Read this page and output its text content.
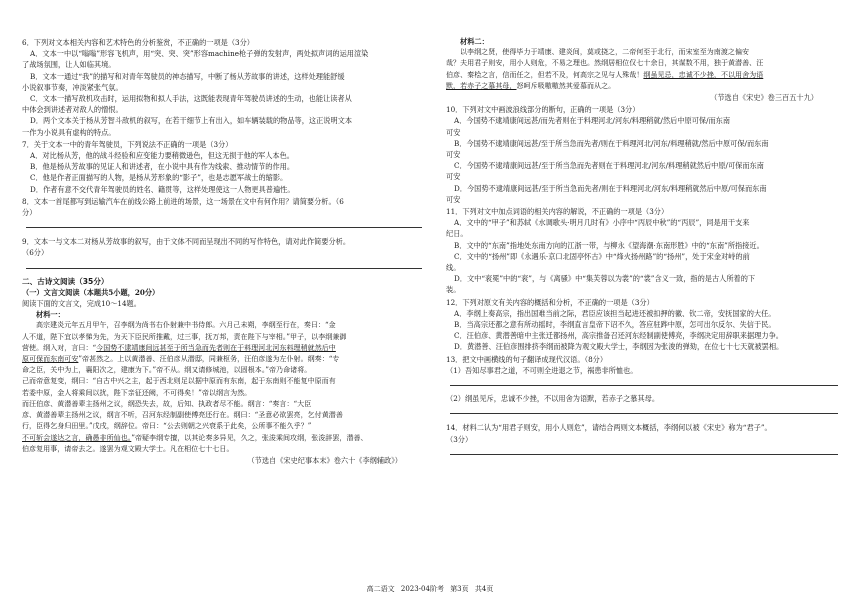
6．下列对文本相关内容和艺术特色的分析鉴赏，不正确的一项是（3分）

A．文本一中以“嗡嗡”形容飞机声，用“突、突、突”形容machine枪子弹的发射声，两处拟声词的运用渲染

了战场氛围，让人如临其境。

B．文本一通过“我”的描写和对青年驾驶员的神态描写，中断了杨从芳故事的讲述，这样处理能舒缓

小说叙事节奏，冲淡紧张气氛。

C．文本一描写敌机攻击时，运用拟物和拟人手法，这既能表现青年驾驶员讲述的生动，也能让读者从

中体会到讲述者对敌人的憎恨。

D．两个文本关于杨从芳智斗敌机的叙写，在若干细节上有出入，如车辆装载的物品等，这正说明文本

一作为小说具有虚构的特点。

7．关于文本一中的青年驾驶员，下列说法不正确的一项是（3分）

A．对比杨从芳，他的战斗经验和应变能力要稍微逊色，但这无损于他的军人本色。

B．他是杨从芳故事的见证人和讲述者，在小说中具有作为线索、推动情节的作用。

C．他是作者正面描写的人物，是杨从芳形象的“影子”，也是志愿军战士的缩影。

D．作者有意不交代青年驾驶员的姓名、籍贯等，这样处理使这一人物更具普遍性。

8．文本一首尾都写到运输汽车在前线公路上前进的场景，这一场景在文中有何作用？请简要分析。（6

分）

9．文本一与文本二对杨从芳故事的叙写，由于文体不同而呈现出不同的写作特色，请对此作简要分析。

（6分）

二、古诗文阅读（35分）

（一）文言文阅读（本题共5小题，20分）

阅读下面的文言文，完成10～14题。

材料一：

高宗建炎元年五月甲午，召李纲为尚书右仆射兼中书侍郎。六月己未朔，李纲至行在，奏曰：“金

人不道，陛下宜以孝悌为先，为天下臣民所推戴，过三事，抚万邦，责在陛下与宰相。”甲子，以李纲兼御

营使。纲入对，言曰：“今国势不逮靖康间远甚至于所当急而先者则在于料理河北河东料理稍就然后中

原可保而东南可安”帝甚然之。上以黄潜善、汪伯彦从潜邸，同兼枢务，汪伯彦遂为左仆射。纲奏：“专

命之臣，关中为上，襄阳次之，建康为下。”帝不从。纲又请修城池，以固根本。”帝乃命诸将。

己而帝意复变，纲曰：“自古中兴之主，起于西北则足以据中原而有东南，起于东南则不能复中原而有

若委中原，金人将乘间以扰，陛下亲征还阙，不可得矣！”帝以纲言为然。

而汪伯彦、黄潜善辈主扬州之议，纲恐失去，故，后知、执政者尽不能。纲言：“奏言：“大臣

彦、黄潜善辈主扬州之议，纲言不听，召河东经制副使傅亮还行在。纲曰：“圣意必欲罢亮，乞付黄潜善

行，臣得乞身归田里。”戊戌，纲辞位。帝曰：“公去则朝之兴衰系于此矣，公所事不能久乎？”

不可斩会遂达之言，确愚非所仙也。”帝疑李纲专擅，以其论奏多异见，久之，张浚乘间攻纲，张浚辞罢，潜善、

伯彦复用事，请帝去之。遂罢为观文殿大学士。凡在相位七十七日。

（节选自《宋史纪事本末》卷六十《李纲辅政》）

材料二：

以李纲之贤，使得毕力于靖康、建炎间，莫或挠之，二帝何至于北行，而宋室至为南渡之偏安

哉？夫用君子则安，用小人则危，不易之理也。然纲居相位仅七十余日，其谋数不用，独于黄潜善、汪

伯彦、秦桧之言，信而任之，但若不及，何高宗之见与人殊哉！纲虽见忌，忠诚不少挫，不以用舍为语

默，若赤子之慕其母，怒呵斥吸嗷嗷然其爱慕而从之。

（节选自《宋史》卷三百五十九）

10．下列对文中画波浪线部分的断句，正确的一项是（3分）

A．今国势不逮靖康间远甚/而先者则在于料理河北/河东/料理稍就/然后中原可保/而东南

可安

B．今国势不逮靖康间远甚/至于所当急而先者/则在于料理河北/河东/料理稍就/然后中原可保/而东南

可安

C．今国势不逮靖康间远甚/至于所当急而先者则在于料理河北/河东/料理稍就然后中原/可保而东南

可安

D．今国势不逮靖康间远甚/至于所当急而先者/则在于料理河北/河东/料理稍就然后中原/可保而东南

可安

11．下列对文中加点词语的相关内容的解说，不正确的一项是（3分）

A．文中的“甲子”和苏轼《水调歌头·明月几时有》小序中“丙辰中秋”的“丙辰”，同是用干支来

纪日。

B．文中的“东南”指地处东南方向的江浙一带，与柳永《望海潮·东南形胜》中的“东南”所指接近。

C．文中的“扬州”即《永遇乐·京口北固亭怀古》中“烽火扬州路”的“扬州”，处于宋金对峙的前

线。

D．文中“衮冕”中的“衮”，与《离骚》中“集芙蓉以为裳”的“裳”含义一致，指的是古人所着的下

装。

12．下列对原文有关内容的概括和分析，不正确的一项是（3分）

A．李纲上奏高宗，指出国难当前之际，君臣应该担当起进还被扣押的徽、钦二帝，安抚国家的大任。

B．当高宗还都之意有所动摇时，李纲直言皇帝下诏不久，答应驻跸中原，怎可出尔反尔、失信于民。

C．汪伯彦、黄潜善暗中主张迁都扬州，高宗推备召还河东经制副使傅亮，李纲决定用辞职来据理力争。

D．黄潜善、汪伯彦围排挤李纲而被降为观文殿大学士，李纲因为张浚的弹劾，在位七十七天就被罢相。

13．把文中画横线的句子翻译成现代汉语。（8分）

（1）吾知尽事君之道，不可则全进退之节，祸患非所恤也。

（2）纲虽见斥，忠诚不少挫，不以用舍为语默，若赤子之慕其母。

14．材料二认为“用君子则安，用小人则危”，请结合两则文本概括，李纲何以被《宋史》称为“君子”。

（3分）

高二语文 2023-04阶考 第3页 共4页
